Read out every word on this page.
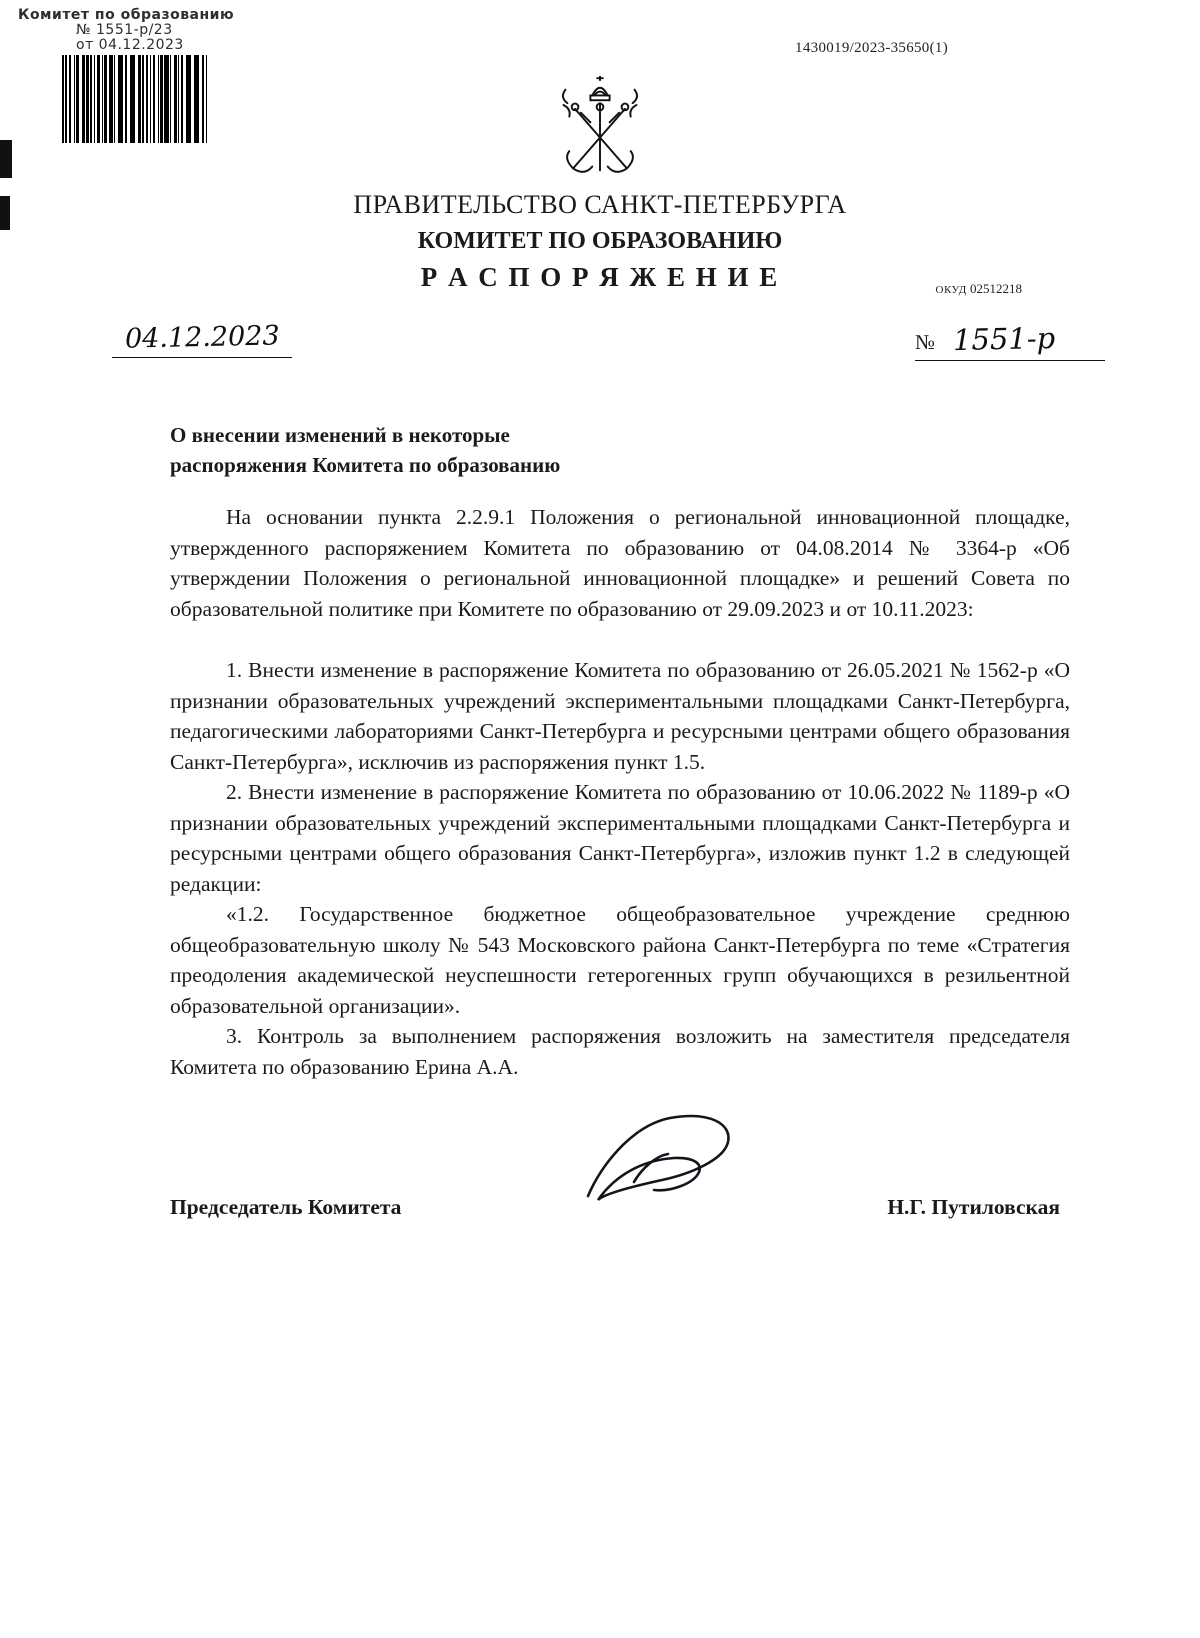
Комитет по образованию
№ 1551-р/23
от 04.12.2023	1430019/2023-35650(1)
ПРАВИТЕЛЬСТВО САНКТ-ПЕТЕРБУРГА
КОМИТЕТ ПО ОБРАЗОВАНИЮ
Р А С П О Р Я Ж Е Н И Е	ОКУД 02512218
04.12.2023	№ 1551-р
О внесении изменений в некоторые
распоряжения Комитета по образованию

На основании пункта 2.2.9.1 Положения о региональной инновационной площадке, утвержденного распоряжением Комитета по образованию от 04.08.2014 № 3364-р «Об утверждении Положения о региональной инновационной площадке» и решений Совета по образовательной политике при Комитете по образованию от 29.09.2023 и от 10.11.2023:

1. Внести изменение в распоряжение Комитета по образованию от 26.05.2021 № 1562-р «О признании образовательных учреждений экспериментальными площадками Санкт-Петербурга, педагогическими лабораториями Санкт-Петербурга и ресурсными центрами общего образования Санкт-Петербурга», исключив из распоряжения пункт 1.5.

2. Внести изменение в распоряжение Комитета по образованию от 10.06.2022 № 1189-р «О признании образовательных учреждений экспериментальными площадками Санкт-Петербурга и ресурсными центрами общего образования Санкт-Петербурга», изложив пункт 1.2 в следующей редакции:

«1.2. Государственное бюджетное общеобразовательное учреждение среднюю общеобразовательную школу № 543 Московского района Санкт-Петербурга по теме «Стратегия преодоления академической неуспешности гетерогенных групп обучающихся в резильентной образовательной организации».

3. Контроль за выполнением распоряжения возложить на заместителя председателя Комитета по образованию Ерина А.А.

Председатель Комитета	Н.Г. Путиловская
